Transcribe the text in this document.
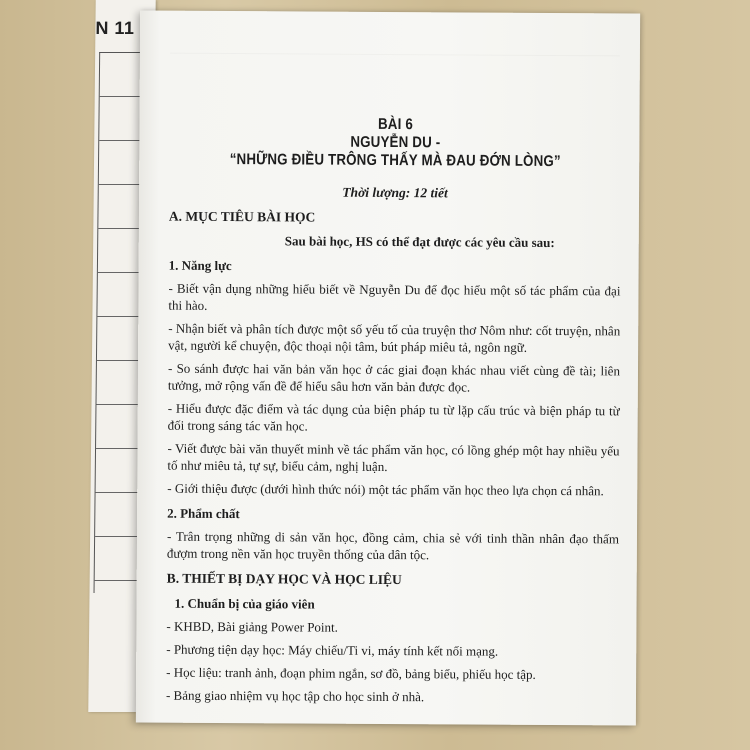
N 11
BÀI 6
NGUYỄN DU -
“NHỮNG ĐIỀU TRÔNG THẤY MÀ ĐAU ĐỚN LÒNG”
Thời lượng: 12 tiết
A. MỤC TIÊU BÀI HỌC
Sau bài học, HS có thể đạt được các yêu cầu sau:
1. Năng lực
- Biết vận dụng những hiểu biết về Nguyễn Du để đọc hiểu một số tác phẩm của đại thi hào.
- Nhận biết và phân tích được một số yếu tố của truyện thơ Nôm như: cốt truyện, nhân vật, người kể chuyện, độc thoại nội tâm, bút pháp miêu tả, ngôn ngữ.
- So sánh được hai văn bản văn học ở các giai đoạn khác nhau viết cùng đề tài; liên tưởng, mở rộng vấn đề để hiểu sâu hơn văn bản được đọc.
- Hiểu được đặc điểm và tác dụng của biện pháp tu từ lặp cấu trúc và biện pháp tu từ đối trong sáng tác văn học.
- Viết được bài văn thuyết minh về tác phẩm văn học, có lồng ghép một hay nhiều yếu tố như miêu tả, tự sự, biểu cảm, nghị luận.
- Giới thiệu được (dưới hình thức nói) một tác phẩm văn học theo lựa chọn cá nhân.
2. Phẩm chất
- Trân trọng những di sản văn học, đồng cảm, chia sẻ với tinh thần nhân đạo thấm đượm trong nền văn học truyền thống của dân tộc.
B. THIẾT BỊ DẠY HỌC VÀ HỌC LIỆU
1. Chuẩn bị của giáo viên
- KHBD, Bài giảng Power Point.
- Phương tiện dạy học: Máy chiếu/Ti vi, máy tính kết nối mạng.
- Học liệu: tranh ảnh, đoạn phim ngắn, sơ đồ, bảng biểu, phiếu học tập.
- Bảng giao nhiệm vụ học tập cho học sinh ở nhà.
